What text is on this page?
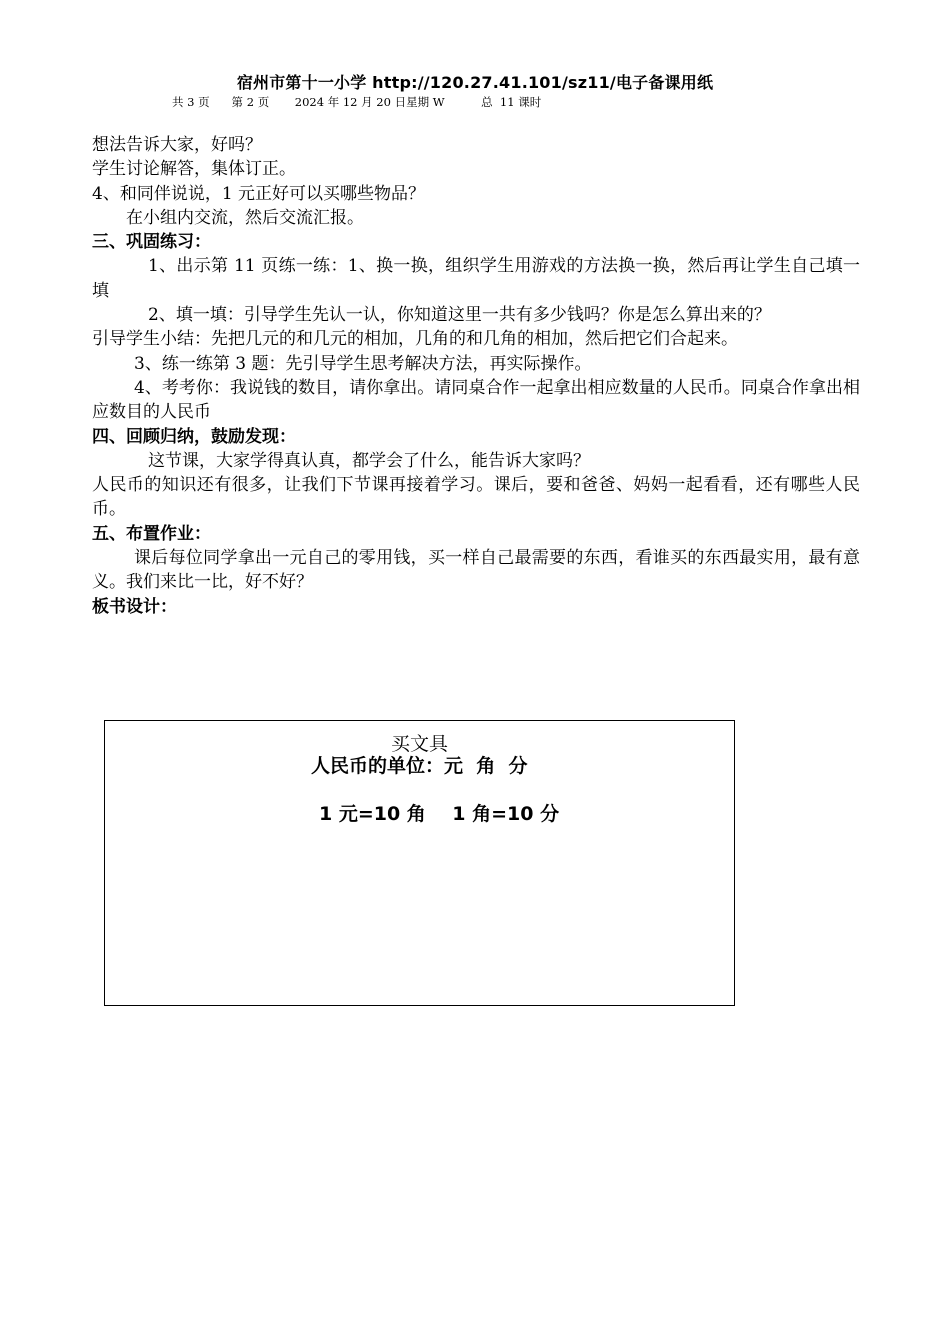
宿州市第十一小学 http://120.27.41.101/sz11/电子备课用纸
共 3 页      第 2 页       2024 年 12 月 20 日星期 W          总  11 课时

想法告诉大家，好吗？

学生讨论解答，集体订正。

4、和同伴说说，1 元正好可以买哪些物品？

在小组内交流，然后交流汇报。

三、巩固练习：

1、出示第 11 页练一练：1、换一换，组织学生用游戏的方法换一换，然后再让学生自己填一填

2、填一填：引导学生先认一认，你知道这里一共有多少钱吗？你是怎么算出来的？

引导学生小结：先把几元的和几元的相加，几角的和几角的相加，然后把它们合起来。

3、练一练第 3 题：先引导学生思考解决方法，再实际操作。

4、考考你：我说钱的数目，请你拿出。请同桌合作一起拿出相应数量的人民币。同桌合作拿出相应数目的人民币

四、回顾归纳，鼓励发现：

这节课，大家学得真认真，都学会了什么，能告诉大家吗？

人民币的知识还有很多，让我们下节课再接着学习。课后，要和爸爸、妈妈一起看看，还有哪些人民币。

五、布置作业：

课后每位同学拿出一元自己的零用钱，买一样自己最需要的东西，看谁买的东西最实用，最有意义。我们来比一比，好不好？

板书设计：

买文具
人民币的单位：元  角  分
1 元=10 角    1 角=10 分
